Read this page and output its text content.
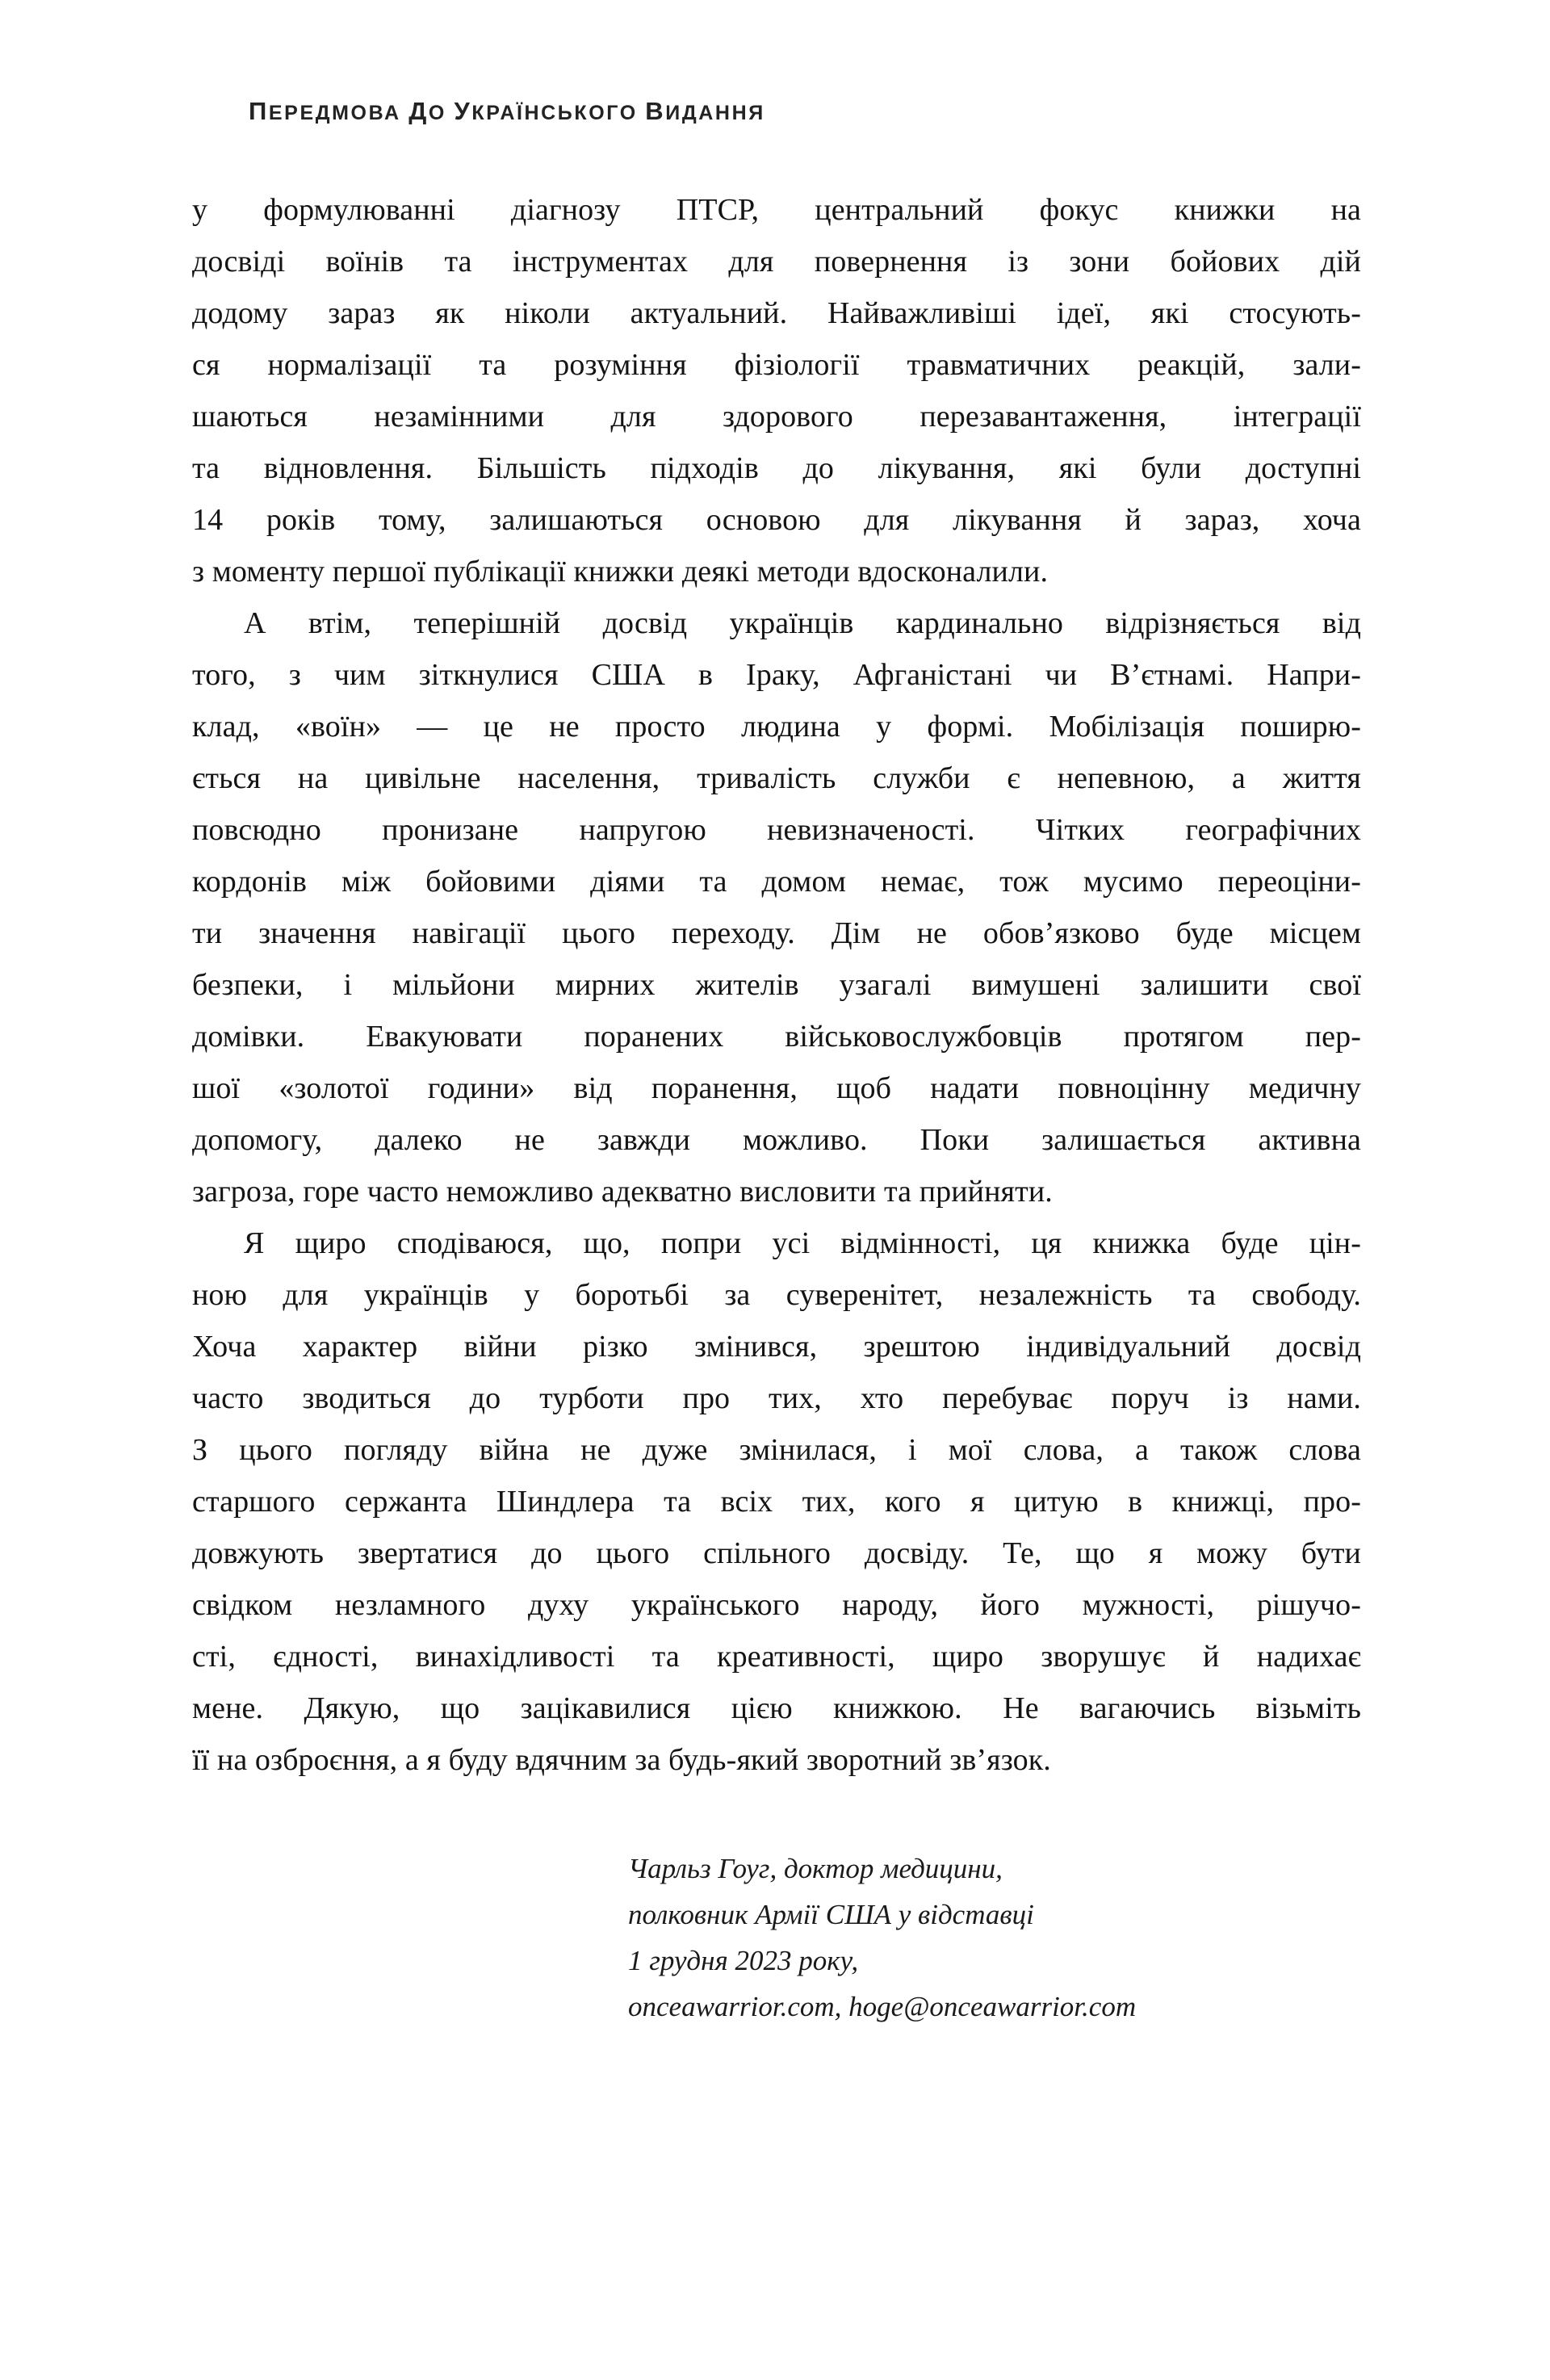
ПЕРЕДМОВА ДО УКРАЇНСЬКОГО ВИДАННЯ

у формулюванні діагнозу ПТСР, центральний фокус книжки на
досвіді воїнів та інструментах для повернення із зони бойових дій
додому зараз як ніколи актуальний. Найважливіші ідеї, які стосують-
ся нормалізації та розуміння фізіології травматичних реакцій, зали-
шаються незамінними для здорового перезавантаження, інтеграції
та відновлення. Більшість підходів до лікування, які були доступні
14 років тому, залишаються основою для лікування й зараз, хоча
з моменту першої публікації книжки деякі методи вдосконалили.

А втім, теперішній досвід українців кардинально відрізняється від
того, з чим зіткнулися США в Іраку, Афганістані чи В’єтнамі. Напри-
клад, «воїн» — це не просто людина у формі. Мобілізація поширю-
ється на цивільне населення, тривалість служби є непевною, а життя
повсюдно пронизане напругою невизначеності. Чітких географічних
кордонів між бойовими діями та домом немає, тож мусимо переоціни-
ти значення навігації цього переходу. Дім не обов’язково буде місцем
безпеки, і мільйони мирних жителів узагалі вимушені залишити свої
домівки. Евакуювати поранених військовослужбовців протягом пер-
шої «золотої години» від поранення, щоб надати повноцінну медичну
допомогу, далеко не завжди можливо. Поки залишається активна
загроза, горе часто неможливо адекватно висловити та прийняти.

Я щиро сподіваюся, що, попри усі відмінності, ця книжка буде цін-
ною для українців у боротьбі за суверенітет, незалежність та свободу.
Хоча характер війни різко змінився, зрештою індивідуальний досвід
часто зводиться до турботи про тих, хто перебуває поруч із нами.
З цього погляду війна не дуже змінилася, і мої слова, а також слова
старшого сержанта Шиндлера та всіх тих, кого я цитую в книжці, про-
довжують звертатися до цього спільного досвіду. Те, що я можу бути
свідком незламного духу українського народу, його мужності, рішучо-
сті, єдності, винахідливості та креативності, щиро зворушує й надихає
мене. Дякую, що зацікавилися цією книжкою. Не вагаючись візьміть
її на озброєння, а я буду вдячним за будь-який зворотний зв’язок.

Чарльз Гоуг, доктор медицини,
полковник Армії США у відставці
1 грудня 2023 року,
onceawarrior.com, hoge@onceawarrior.com
